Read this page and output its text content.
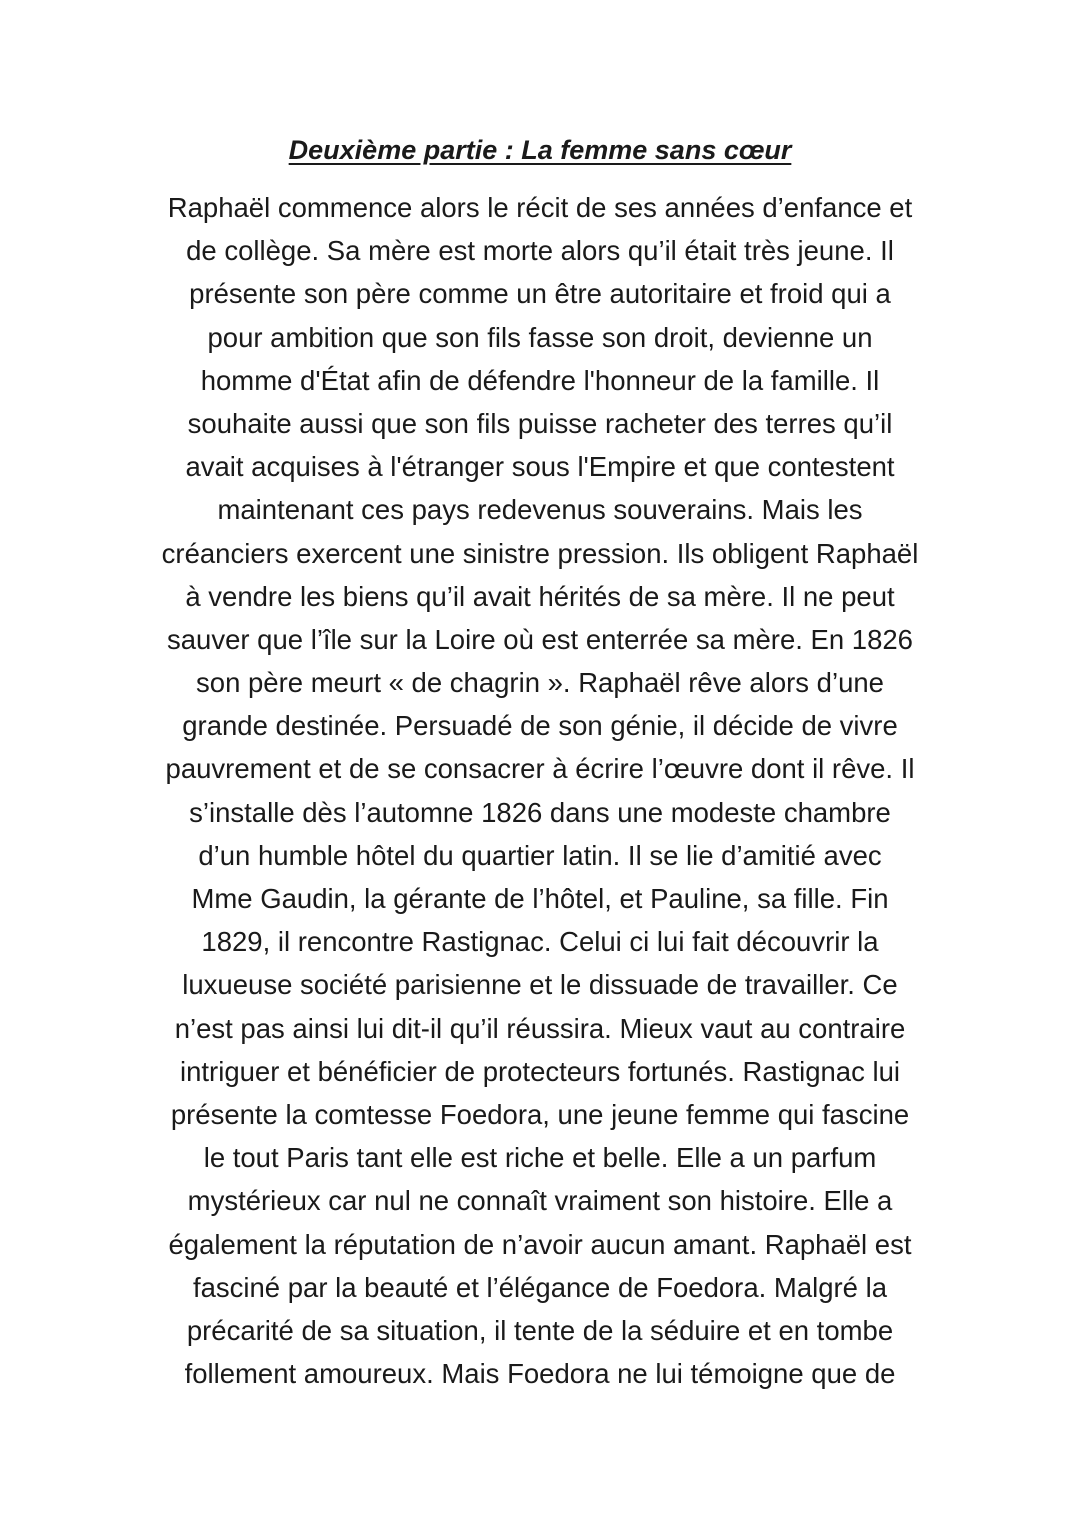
Deuxième partie : La femme sans cœur
Raphaël commence alors le récit de ses années d’enfance et
de collège. Sa mère est morte alors qu’il était très jeune. Il
présente son père comme un être autoritaire et froid qui a
pour ambition que son fils fasse son droit, devienne un
homme d'État afin de défendre l'honneur de la famille. Il
souhaite aussi que son fils puisse racheter des terres qu’il
avait acquises à l'étranger sous l'Empire et que contestent
maintenant ces pays redevenus souverains. Mais les
créanciers exercent une sinistre pression. Ils obligent Raphaël
à vendre les biens qu’il avait hérités de sa mère. Il ne peut
sauver que l’île sur la Loire où est enterrée sa mère. En 1826
son père meurt « de chagrin ». Raphaël rêve alors d’une
grande destinée. Persuadé de son génie, il décide de vivre
pauvrement et de se consacrer à écrire l’œuvre dont il rêve. Il
s’installe dès l’automne 1826 dans une modeste chambre
d’un humble hôtel du quartier latin. Il se lie d’amitié avec
Mme Gaudin, la gérante de l’hôtel, et Pauline, sa fille. Fin
1829, il rencontre Rastignac. Celui ci lui fait découvrir la
luxueuse société parisienne et le dissuade de travailler. Ce
n’est pas ainsi lui dit-il qu’il réussira. Mieux vaut au contraire
intriguer et bénéficier de protecteurs fortunés. Rastignac lui
présente la comtesse Foedora, une jeune femme qui fascine
le tout Paris tant elle est riche et belle. Elle a un parfum
mystérieux car nul ne connaît vraiment son histoire. Elle a
également la réputation de n’avoir aucun amant. Raphaël est
fasciné par la beauté et l’élégance de Foedora. Malgré la
précarité de sa situation, il tente de la séduire et en tombe
follement amoureux. Mais Foedora ne lui témoigne que de
